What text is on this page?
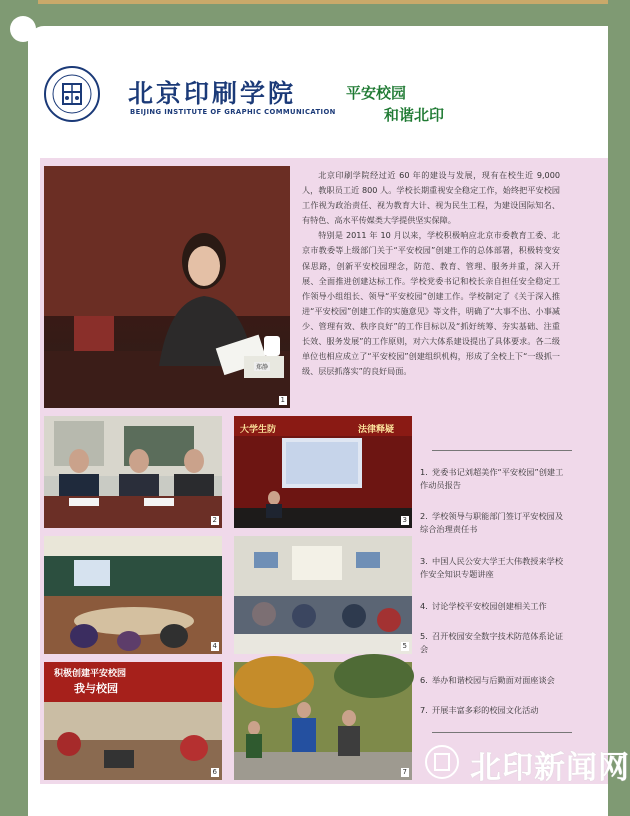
北京印刷学院
BEIJING INSTITUTE OF GRAPHIC COMMUNICATION
平安校园
和谐北印
郑静
1

北京印刷学院经过近 60 年的建设与发展，现有在校生近 9,000 人，教职员工近 800 人。学校长期重视安全稳定工作，始终把平安校园工作视为政治责任、视为教育大计、视为民生工程，为建设国际知名、有特色、高水平传媒类大学提供坚实保障。

特别是 2011 年 10 月以来，学校积极响应北京市委教育工委、北京市教委等上级部门关于“平安校园”创建工作的总体部署，积极转变安保思路，创新平安校园理念，防范、教育、管理、服务并重，深入开展、全面推进创建达标工作。学校党委书记和校长亲自担任安全稳定工作领导小组组长、领导“平安校园”创建工作。学校制定了《关于深入推进“平安校园”创建工作的实施意见》等文件，明确了“大事不出、小事减少、管理有效、秩序良好”的工作目标以及“抓好统筹、夯实基础、注重长效、服务发展”的工作原则，对六大体系建设提出了具体要求。各二级单位也相应成立了“平安校园”创建组织机构，形成了全校上下“一级抓一级、层层抓落实”的良好局面。

2
大学生防	法律释疑
3
4	5
积极创建平安校园
我与校园
6	7
1. 党委书记刘超美作“平安校园”创建工作动员报告
2. 学校领导与职能部门签订平安校园及综合治理责任书
3. 中国人民公安大学王大伟教授来学校作安全知识专题讲座
4. 讨论学校平安校园创建相关工作
5. 召开校园安全数字技术防范体系论证会
6. 举办和谐校园与后勤面对面座谈会
7. 开展丰富多彩的校园文化活动
北印新闻网
